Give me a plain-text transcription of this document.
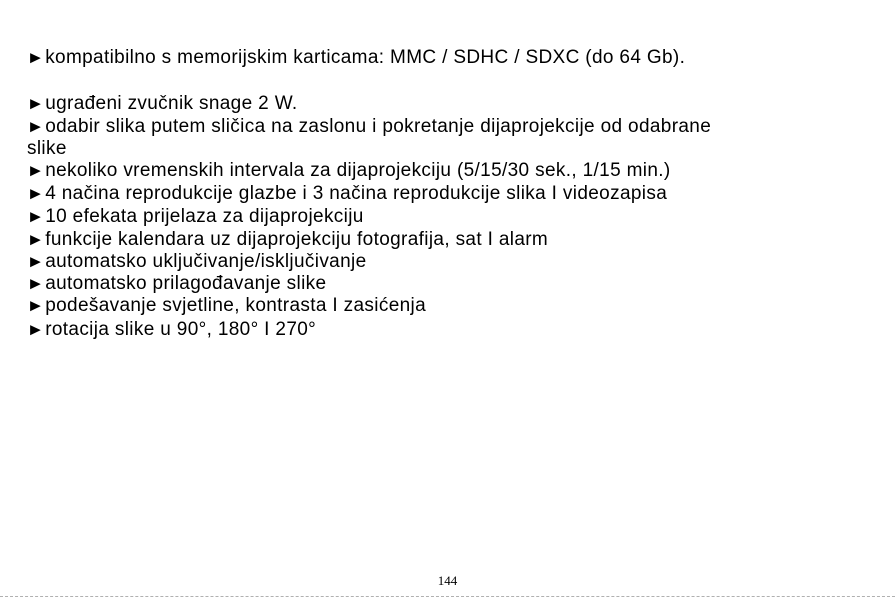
►kompatibilno s memorijskim karticama: MMC / SDHC / SDXC (do 64 Gb).
►ugrađeni zvučnik snage 2 W.
►odabir slika putem sličica na zaslonu i pokretanje dijaprojekcije od odabrane
slike
►nekoliko vremenskih intervala za dijaprojekciju (5/15/30 sek., 1/15 min.)
►4 načina reprodukcije glazbe i 3 načina reprodukcije slika I videozapisa
►10 efekata prijelaza za dijaprojekciju
►funkcije kalendara uz dijaprojekciju fotografija, sat I alarm
►automatsko uključivanje/isključivanje
►automatsko prilagođavanje slike
►podešavanje svjetline, kontrasta I zasićenja
►rotacija slike u 90°, 180° I 270°
144
